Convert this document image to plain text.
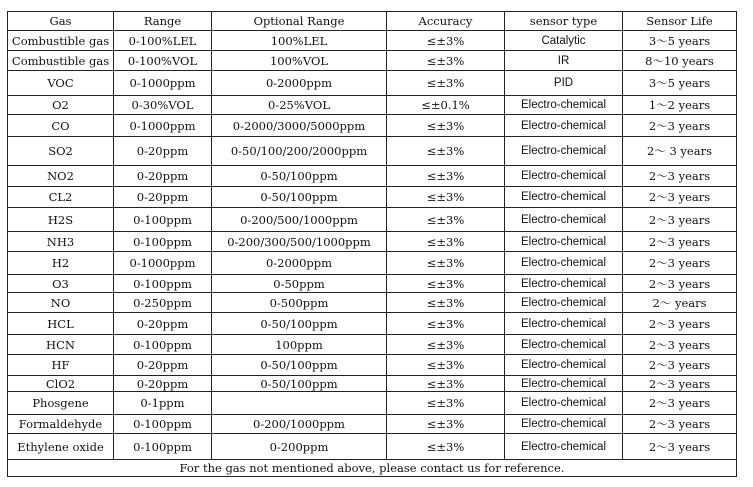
Gas	Range	Optional Range	Accuracy	sensor type	Sensor Life
Combustible gas	0-100%LEL	100%LEL	≤±3%	Catalytic	3～5 years
Combustible gas	0-100%VOL	100%VOL	≤±3%	IR	8～10 years
VOC	0-1000ppm	0-2000ppm	≤±3%	PID	3～5 years
O2	0-30%VOL	0-25%VOL	≤±0.1%	Electro-chemical	1～2 years
CO	0-1000ppm	0-2000/3000/5000ppm	≤±3%	Electro-chemical	2～3 years
SO2	0-20ppm	0-50/100/200/2000ppm	≤±3%	Electro-chemical	2～ 3 years
NO2	0-20ppm	0-50/100ppm	≤±3%	Electro-chemical	2～3 years
CL2	0-20ppm	0-50/100ppm	≤±3%	Electro-chemical	2～3 years
H2S	0-100ppm	0-200/500/1000ppm	≤±3%	Electro-chemical	2～3 years
NH3	0-100ppm	0-200/300/500/1000ppm	≤±3%	Electro-chemical	2～3 years
H2	0-1000ppm	0-2000ppm	≤±3%	Electro-chemical	2～3 years
O3	0-100ppm	0-50ppm	≤±3%	Electro-chemical	2～3 years
NO	0-250ppm	0-500ppm	≤±3%	Electro-chemical	2～ years
HCL	0-20ppm	0-50/100ppm	≤±3%	Electro-chemical	2～3 years
HCN	0-100ppm	100ppm	≤±3%	Electro-chemical	2～3 years
HF	0-20ppm	0-50/100ppm	≤±3%	Electro-chemical	2～3 years
ClO2	0-20ppm	0-50/100ppm	≤±3%	Electro-chemical	2～3 years
Phosgene	0-1ppm		≤±3%	Electro-chemical	2～3 years
Formaldehyde	0-100ppm	0-200/1000ppm	≤±3%	Electro-chemical	2～3 years
Ethylene oxide	0-100ppm	0-200ppm	≤±3%	Electro-chemical	2～3 years
For the gas not mentioned above, please contact us for reference.					
